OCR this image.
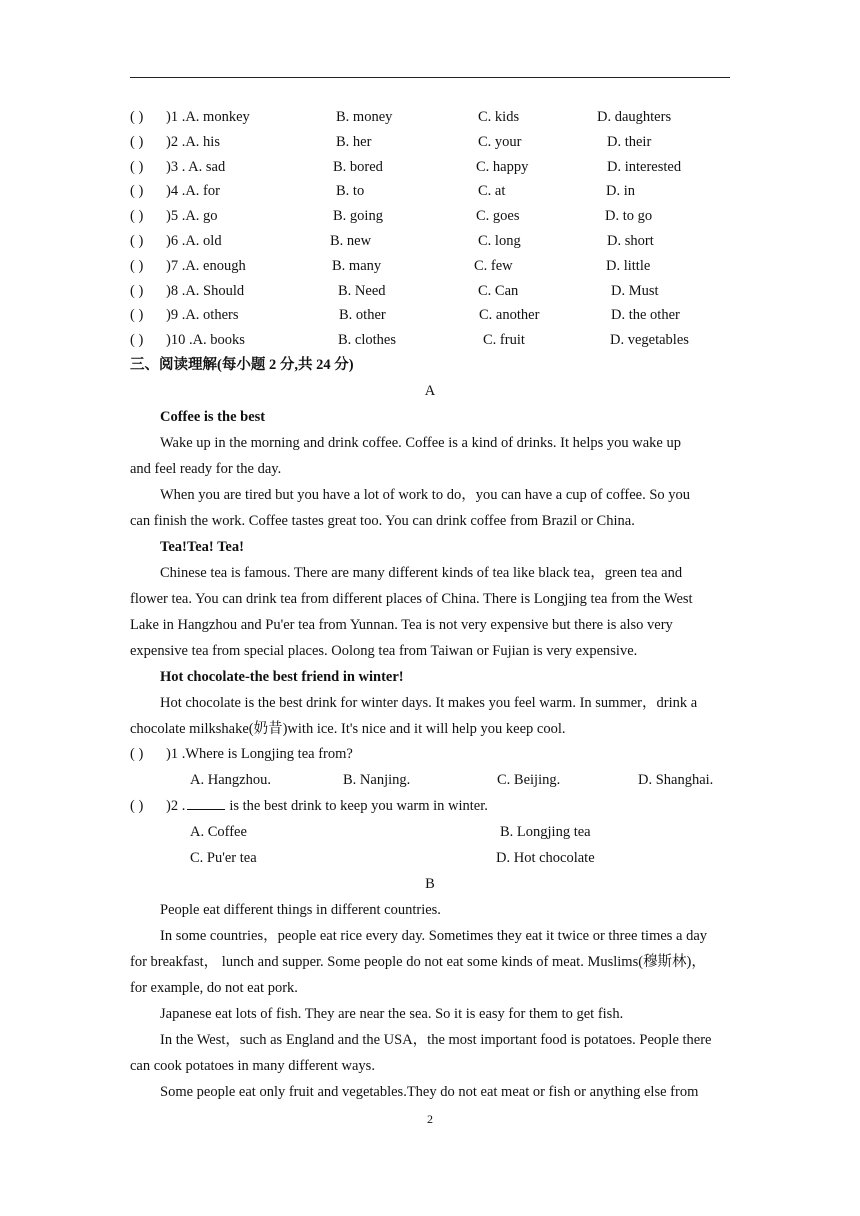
( ) )1 .A. monkey	B. money	C. kids	D. daughters
( ) )2 .A. his	B. her	C. your	D. their
( ) )3 . A. sad	B. bored	C. happy	D. interested
( ) )4 .A. for	B. to	C. at	D. in
( ) )5 .A. go	B. going	C. goes	D. to go
( ) )6 .A. old	B. new	C. long	D. short
( ) )7 .A. enough	B. many	C. few	D. little
( ) )8 .A. Should	B. Need	C. Can	D. Must
( ) )9 .A. others	B. other	C. another	D. the other
( ) )10 .A. books	B. clothes	C. fruit	D. vegetables
三、阅读理解(每小题 2 分,共 24 分)
A
Coffee is the best
Wake up in the morning and drink coffee. Coffee is a kind of drinks. It helps you wake up
and feel ready for the day.
When you are tired but you have a lot of work to do，you can have a cup of coffee. So you
can finish the work. Coffee tastes great too. You can drink coffee from Brazil or China.
Tea!Tea! Tea!
Chinese tea is famous. There are many different kinds of tea like black tea，green tea and
flower tea. You can drink tea from different places of China. There is Longjing tea from the West
Lake in Hangzhou and Pu'er tea from Yunnan. Tea is not very expensive but there is also very
expensive tea from special places. Oolong tea from Taiwan or Fujian is very expensive.
Hot chocolate-the best friend in winter!
Hot chocolate is the best drink for winter days. It makes you feel warm. In summer，drink a
chocolate milkshake(奶昔)with ice. It's nice and it will help you keep cool.
( ) )1 .Where is Longjing tea from?
A. Hangzhou.	B. Nanjing.	C. Beijing.	D. Shanghai.
( ) )2 .	is the best drink to keep you warm in winter.
A. Coffee	B. Longjing tea
C. Pu'er tea	D. Hot chocolate
B
People eat different things in different countries.
In some countries，people eat rice every day. Sometimes they eat it twice or three times a day
for breakfast， lunch and supper. Some people do not eat some kinds of meat. Muslims(穆斯林)，
for example, do not eat pork.
Japanese eat lots of fish. They are near the sea. So it is easy for them to get fish.
In the West，such as England and the USA，the most important food is potatoes. People there
can cook potatoes in many different ways.
Some people eat only fruit and vegetables.They do not eat meat or fish or anything else from
2
